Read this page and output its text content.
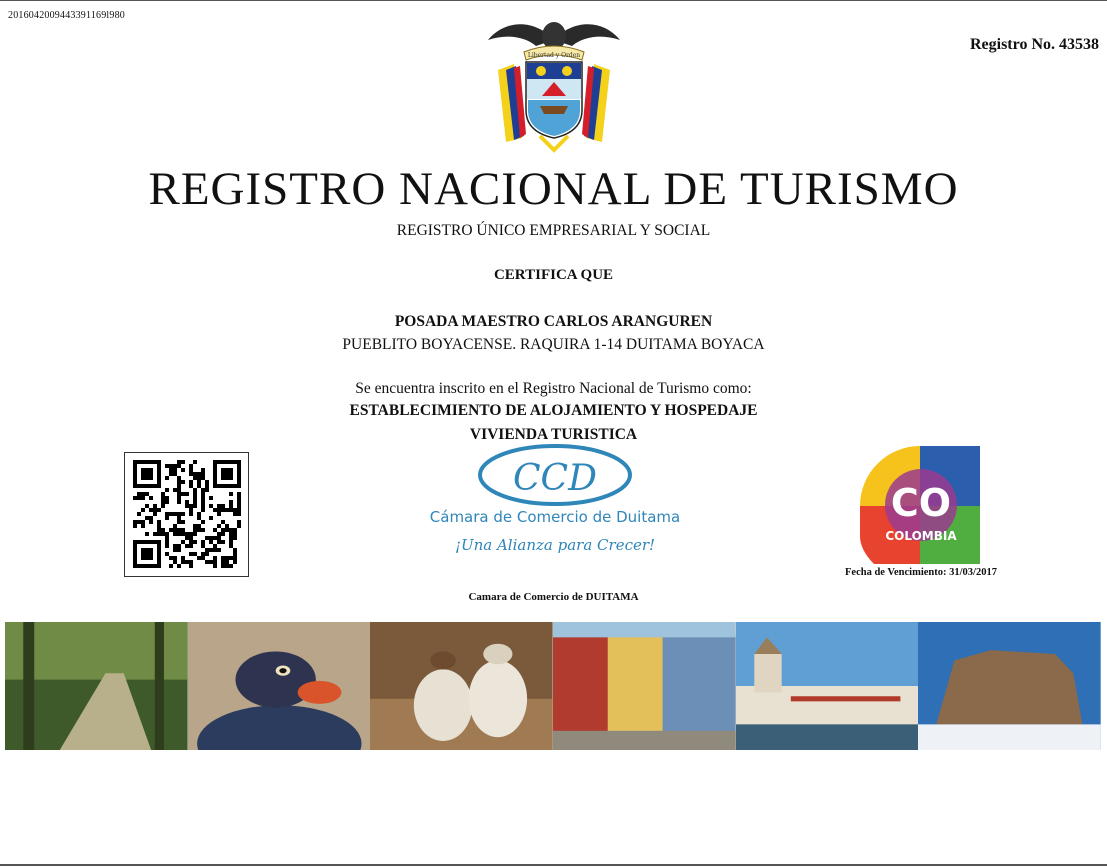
2016042009443391169l980
Registro No. 43538
Libertad y Orden
REGISTRO NACIONAL DE TURISMO
REGISTRO ÚNICO EMPRESARIAL Y SOCIAL
CERTIFICA QUE
POSADA MAESTRO CARLOS ARANGUREN
PUEBLITO BOYACENSE. RAQUIRA 1-14 DUITAMA BOYACA
Se encuentra inscrito en el Registro Nacional de Turismo como:
ESTABLECIMIENTO DE ALOJAMIENTO Y HOSPEDAJE
VIVIENDA TURISTICA
CCD
Cámara de Comercio de Duitama
¡Una Alianza para Crecer!
CO
COLOMBIA
Fecha de Vencimiento: 31/03/2017
Camara de Comercio de DUITAMA
